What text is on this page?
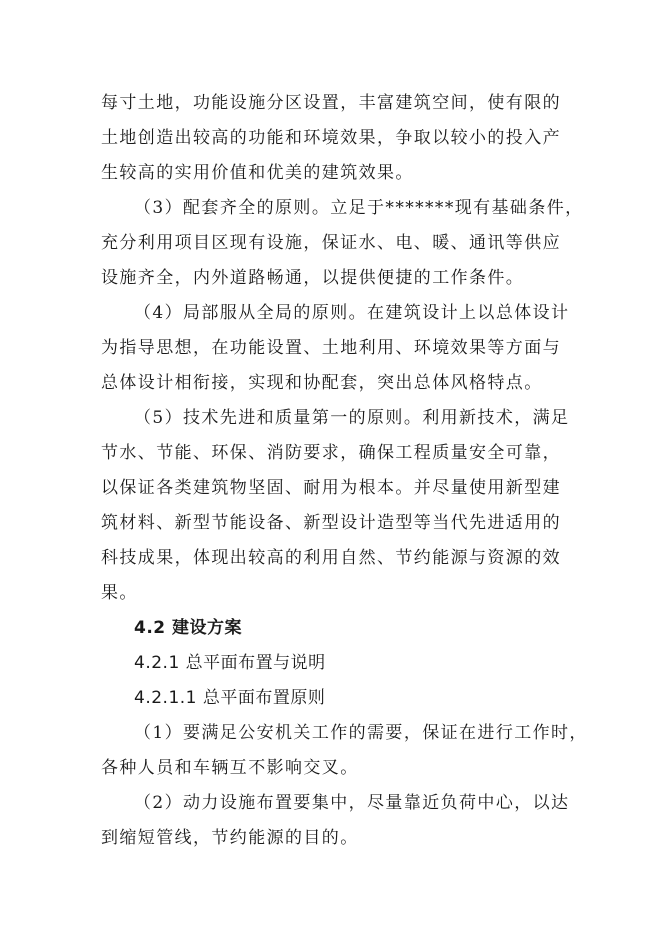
每寸土地，功能设施分区设置，丰富建筑空间，使有限的
土地创造出较高的功能和环境效果，争取以较小的投入产
生较高的实用价值和优美的建筑效果。
（3）配套齐全的原则。立足于*******现有基础条件，
充分利用项目区现有设施，保证水、电、暖、通讯等供应
设施齐全，内外道路畅通，以提供便捷的工作条件。
（4）局部服从全局的原则。在建筑设计上以总体设计
为指导思想，在功能设置、土地利用、环境效果等方面与
总体设计相衔接，实现和协配套，突出总体风格特点。
（5）技术先进和质量第一的原则。利用新技术，满足
节水、节能、环保、消防要求，确保工程质量安全可靠，
以保证各类建筑物坚固、耐用为根本。并尽量使用新型建
筑材料、新型节能设备、新型设计造型等当代先进适用的
科技成果，体现出较高的利用自然、节约能源与资源的效
果。
4.2 建设方案
4.2.1 总平面布置与说明
4.2.1.1 总平面布置原则
（1）要满足公安机关工作的需要，保证在进行工作时，
各种人员和车辆互不影响交叉。
（2）动力设施布置要集中，尽量靠近负荷中心，以达
到缩短管线，节约能源的目的。
